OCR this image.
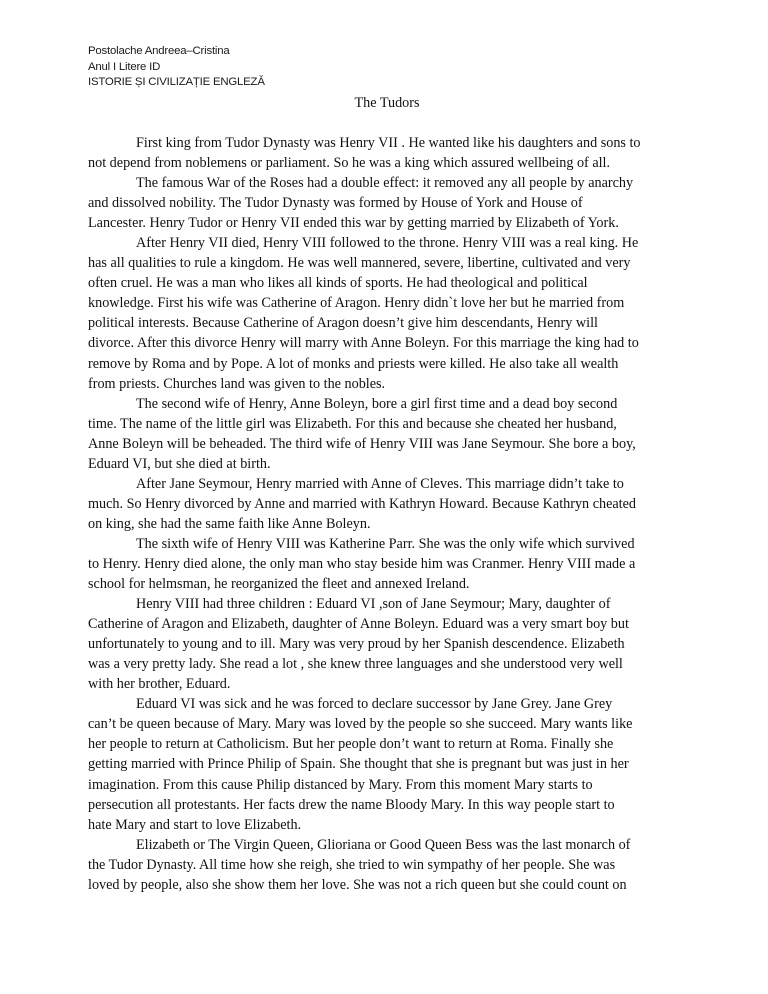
Postolache Andreea–Cristina
Anul I Litere ID
ISTORIE ȘI CIVILIZAȚIE ENGLEZĂ
The Tudors
First king from Tudor Dynasty was Henry VII . He wanted like his daughters and sons to
not depend from noblemens or parliament. So he was a king which assured wellbeing of all.
The famous War of the Roses had a double effect: it removed any all people by anarchy
and dissolved nobility. The Tudor Dynasty was formed by House of York and House of
Lancester. Henry Tudor or Henry VII ended this war by getting married by Elizabeth of York.
After Henry VII died, Henry VIII followed to the throne. Henry VIII was a real king. He
has all qualities to rule a kingdom. He was well mannered, severe, libertine, cultivated and very
often cruel. He was a man who likes all kinds of sports. He had theological and political
knowledge. First his wife was Catherine of Aragon. Henry didn`t love her but he married from
political interests. Because Catherine of Aragon doesn’t give him descendants, Henry will
divorce. After this divorce Henry will marry with Anne Boleyn. For this marriage the king had to
remove by Roma and by Pope. A lot of monks and priests were killed. He also take all wealth
from priests. Churches land was given to the nobles.
The second wife of Henry, Anne Boleyn, bore a girl first time and a dead boy second
time. The name of the little girl was Elizabeth. For this and because she cheated her husband,
Anne Boleyn will be beheaded. The third wife of Henry VIII was Jane Seymour. She bore a boy,
Eduard VI, but she died at birth.
After Jane Seymour, Henry married with Anne of Cleves. This marriage didn’t take to
much. So Henry divorced by Anne and married with Kathryn Howard. Because Kathryn cheated
on king, she had the same faith like Anne Boleyn.
The sixth wife of Henry VIII was Katherine Parr. She was the only wife which survived
to Henry. Henry died alone, the only man who stay beside him was Cranmer. Henry VIII made a
school for helmsman, he reorganized the fleet and annexed Ireland.
Henry VIII had three children : Eduard VI ,son of Jane Seymour; Mary, daughter of
Catherine of Aragon and Elizabeth, daughter of Anne Boleyn. Eduard was a very smart boy but
unfortunately to young and to ill. Mary was very proud by her Spanish descendence. Elizabeth
was a very pretty lady. She read a lot , she knew three languages and she understood very well
with her brother, Eduard.
Eduard VI was sick and he was forced to declare successor by Jane Grey. Jane Grey
can’t be queen because of Mary. Mary was loved by the people so she succeed. Mary wants like
her people to return at Catholicism. But her people don’t want to return at Roma. Finally she
getting married with Prince Philip of Spain. She thought that she is pregnant but was just in her
imagination. From this cause Philip distanced by Mary. From this moment Mary starts to
persecution all protestants. Her facts drew the name Bloody Mary. In this way people start to
hate Mary and start to love Elizabeth.
Elizabeth or The Virgin Queen, Glioriana or Good Queen Bess was the last monarch of
the Tudor Dynasty. All time how she reigh, she tried to win sympathy of her people. She was
loved by people, also she show them her love. She was not a rich queen but she could count on
